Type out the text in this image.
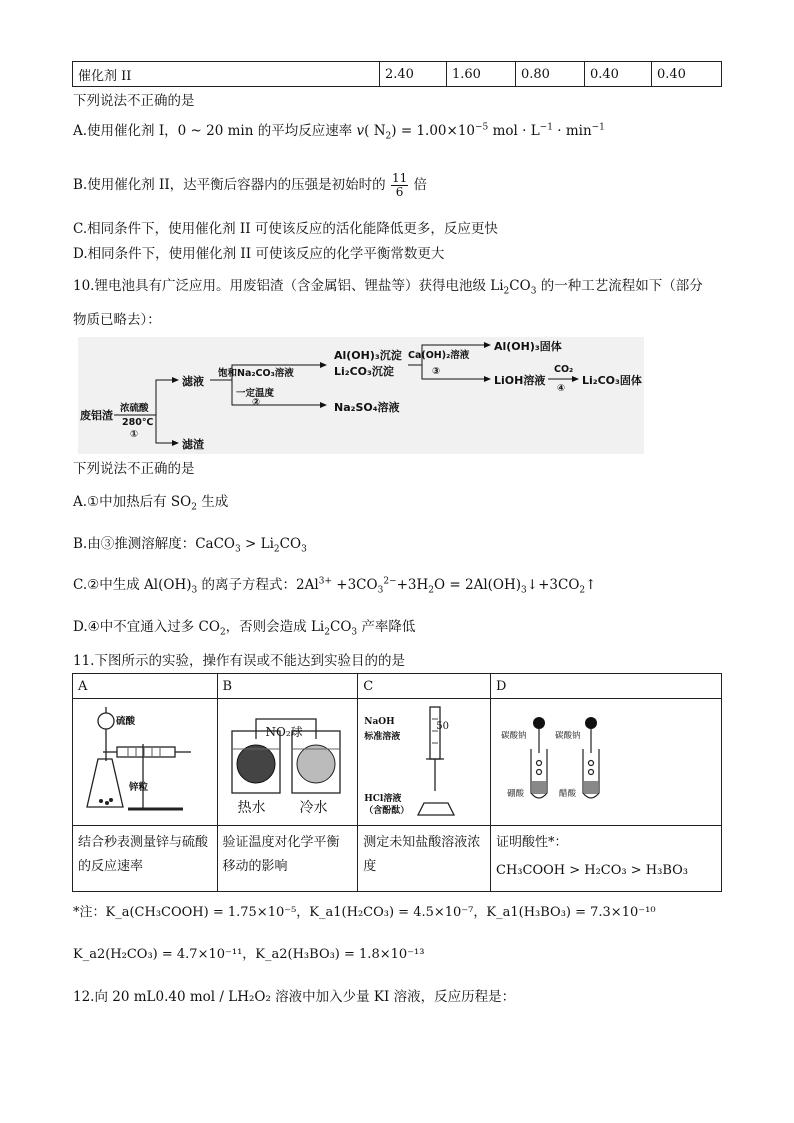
催化剂 II	2.40	1.60	0.80	0.40	0.40
下列说法不正确的是
A.使用催化剂 I，0 ~ 20 min 的平均反应速率 v( $N_2) = 1.00\times 10^{-5}$ mol · $L^{-1} \cdot \min^{-1}$
B.使用催化剂 II，达平衡后容器内的压强是初始时的 $\frac{11}{6}$ 倍
C.相同条件下，使用催化剂 II 可使该反应的活化能降低更多，反应更快
D.相同条件下，使用催化剂 II 可使该反应的化学平衡常数更大
10.锂电池具有广泛应用。用废铝渣（含金属铝、锂盐等）获得电池级 $Li_2CO_3$ 的一种工艺流程如下（部分
物质已略去）：
废铝渣
浓硫酸
280℃
①
滤液
滤渣
饱和Na₂CO₃溶液
一定温度
②
Al(OH)₃沉淀
Li₂CO₃沉淀
Na₂SO₄溶液
Ca(OH)₂溶液
③
Al(OH)₃固体
LiOH溶液
CO₂
④
Li₂CO₃固体
下列说法不正确的是
A.①中加热后有 $SO_2$ 生成
B.由③推测溶解度：CaCO$_3$ > $Li_2CO_3$
C.②中生成 $Al(OH)_3$ 的离子方程式：$2Al^{3+} +3CO_3^{2-}+3H_2O$ = $2Al(OH)_3↓+3CO_2↑$
D.④中不宜通入过多 $CO_2$，否则会造成 $Li_2CO_3$ 产率降低
11.下图所示的实验，操作有误或不能达到实验目的的是
A	B	C	D

硫酸
锌粒	NO₂球
热水 冷水	50
NaOH
标准溶液
HCl溶液
（含酚酞）	碳酸钠 碳酸钠
硼酸 醋酸

结合秒表测量锌与硫酸的反应速率	验证温度对化学平衡移动的影响	测定未知盐酸溶液浓度	证明酸性*：
CH₃COOH > H₂CO₃ > H₃BO₃
*注：K_a(CH₃COOH) = 1.75×10⁻⁵，K_a1(H₂CO₃) = 4.5×10⁻⁷，K_a1(H₃BO₃) = 7.3×10⁻¹⁰
K_a2(H₂CO₃) = 4.7×10⁻¹¹，K_a2(H₃BO₃) = 1.8×10⁻¹³
12.向 20 mL0.40 mol / LH₂O₂ 溶液中加入少量 KI 溶液，反应历程是：
